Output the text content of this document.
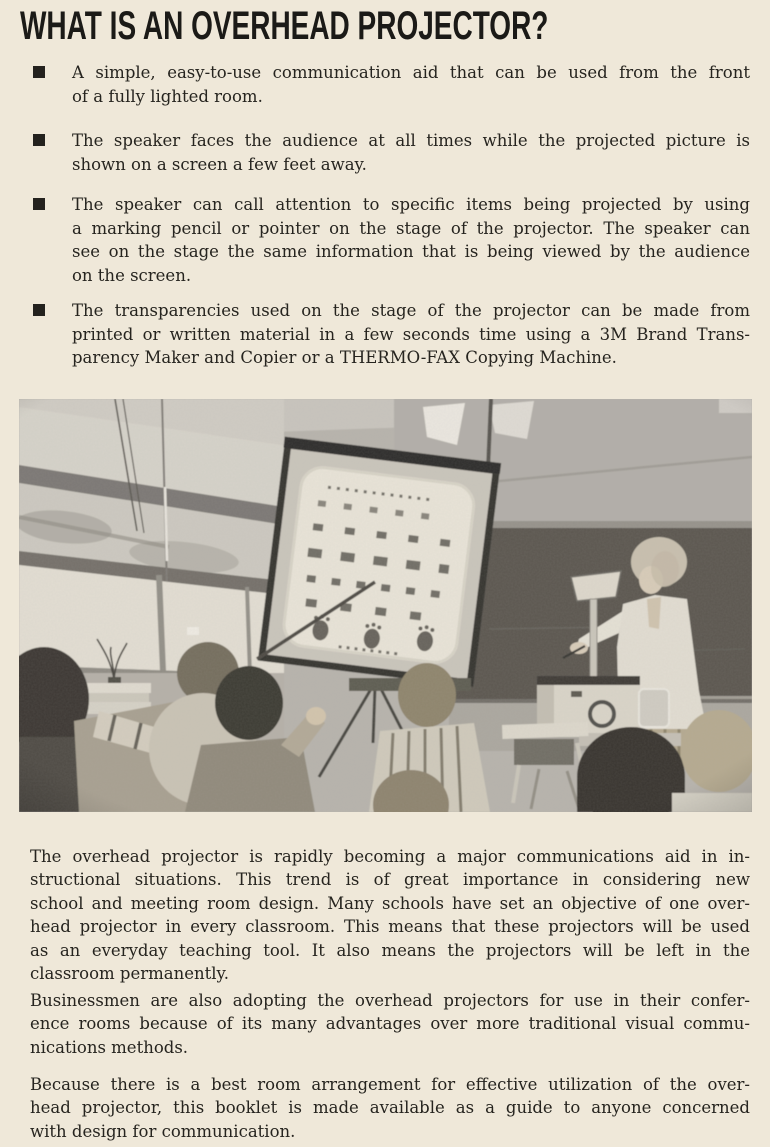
WHAT IS AN OVERHEAD PROJECTOR?
A simple, easy-to-use communication aid that can be used from the front
of a fully lighted room.
The speaker faces the audience at all times while the projected picture is
shown on a screen a few feet away.
The speaker can call attention to specific items being projected by using
a marking pencil or pointer on the stage of the projector. The speaker can
see on the stage the same information that is being viewed by the audience
on the screen.
The transparencies used on the stage of the projector can be made from
printed or written material in a few seconds time using a 3M Brand Trans-
parency Maker and Copier or a THERMO-FAX Copying Machine.
The overhead projector is rapidly becoming a major communications aid in in-
structional situations. This trend is of great importance in considering new
school and meeting room design. Many schools have set an objective of one over-
head projector in every classroom. This means that these projectors will be used
as an everyday teaching tool. It also means the projectors will be left in the
classroom permanently.
Businessmen are also adopting the overhead projectors for use in their confer-
ence rooms because of its many advantages over more traditional visual commu-
nications methods.
Because there is a best room arrangement for effective utilization of the over-
head projector, this booklet is made available as a guide to anyone concerned
with design for communication.
